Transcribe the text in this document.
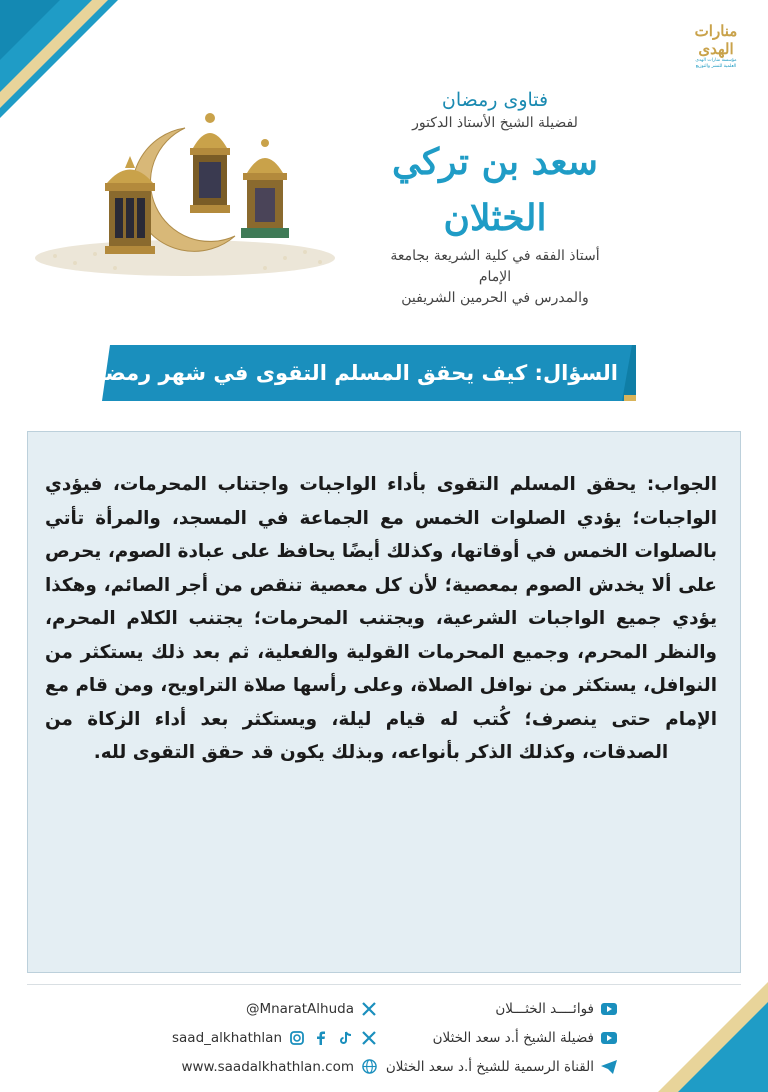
منارات الهدى
مؤسسة منارات الهدى العلمية للنشر والتوزيع
فتاوى رمضان
لفضيلة الشيخ الأستاذ الدكتور
سعد بن تركي الخثلان
أستاذ الفقه في كلية الشريعة بجامعة الإمام
والمدرس في الحرمين الشريفين
السؤال: كيف يحقق المسلم التقوى في شهر رمضان؟
الجواب: يحقق المسلم التقوى بأداء الواجبات واجتناب المحرمات، فيؤدي الواجبات؛ يؤدي الصلوات الخمس مع الجماعة في المسجد، والمرأة تأتي بالصلوات الخمس في أوقاتها، وكذلك أيضًا يحافظ على عبادة الصوم، يحرص على ألا يخدش الصوم بمعصية؛ لأن كل معصية تنقص من أجر الصائم، وهكذا يؤدي جميع الواجبات الشرعية، ويجتنب المحرمات؛ يجتنب الكلام المحرم، والنظر المحرم، وجميع المحرمات القولية والفعلية، ثم بعد ذلك يستكثر من النوافل، يستكثر من نوافل الصلاة، وعلى رأسها صلاة التراويح، ومن قام مع الإمام حتى ينصرف؛ كُتب له قيام ليلة، ويستكثر بعد أداء الزكاة من الصدقات، وكذلك الذكر بأنواعه، وبذلك يكون قد حقق التقوى لله.
فوائــــد الخثـــلان
فضيلة الشيخ أ.د سعد الخثلان
القناة الرسمية للشيخ أ.د سعد الخثلان
@MnaratAlhuda
saad_alkhathlan
www.saadalkhathlan.com
